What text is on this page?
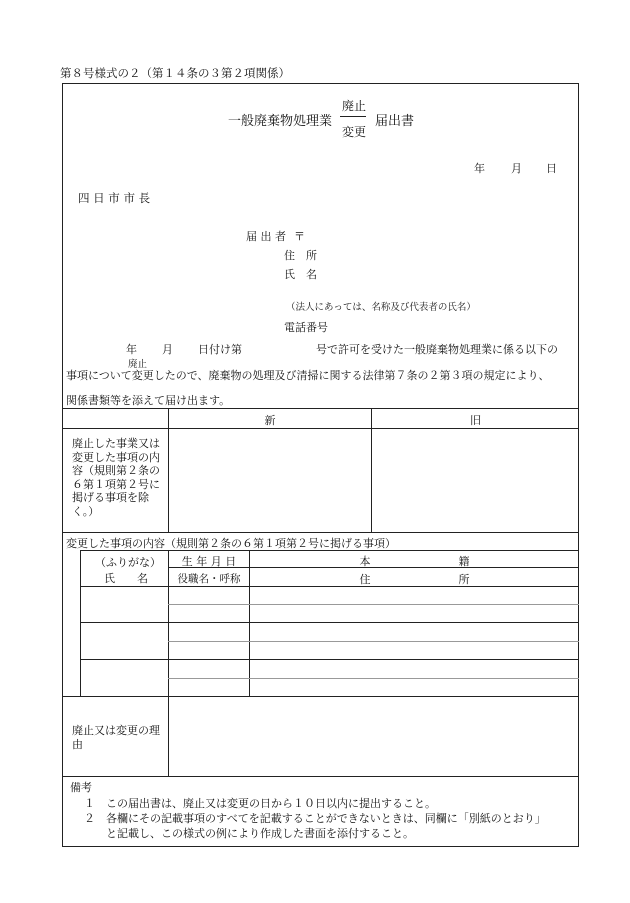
第８号様式の２（第１４条の３第２項関係）
一般廃棄物処理業
廃止
変更
届出書
年 月 日
四 日 市 市 長
届 出 者 〒
住　所
氏　名
（法人にあっては、名称及び代表者の氏名）
電話番号
年 月 日付け第	号で許可を受けた一般廃棄物処理業に係る以下の
廃止
事項について変更したので、廃棄物の処理及び清掃に関する法律第７条の２第３項の規定により、
関係書類等を添えて届け出ます。
新	旧
廃止した事業又は変更した事項の内容（規則第２条の６第１項第２号に掲げる事項を除く。）
変更した事項の内容（規則第２条の６第１項第２号に掲げる事項）
（ふりがな）
氏　　名
生 年 月 日
役職名・呼称
本　　　　　　　　籍
住　　　　　　　　所
廃止又は変更の理由
備考
１ この届出書は、廃止又は変更の日から１０日以内に提出すること。
２ 各欄にその記載事項のすべてを記載することができないときは、同欄に「別紙のとおり」
と記載し、この様式の例により作成した書面を添付すること。
